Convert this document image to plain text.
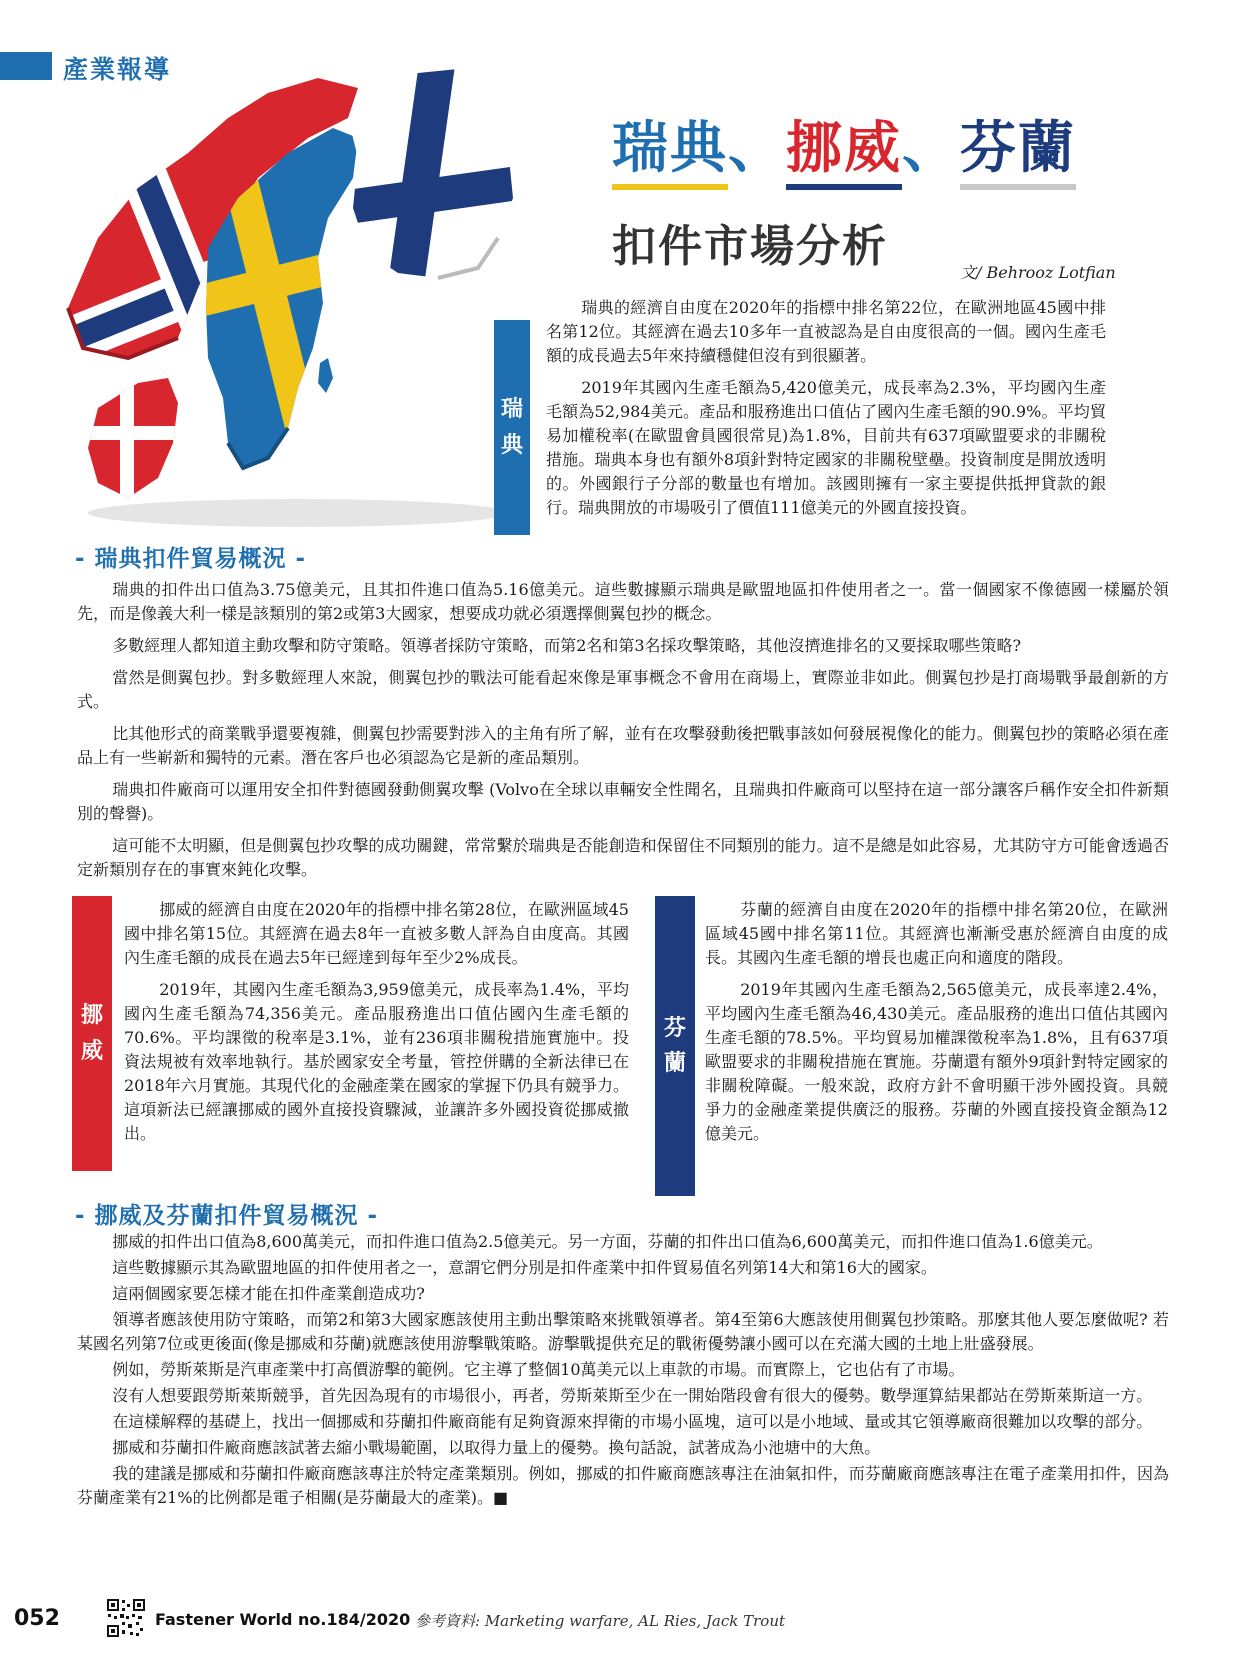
產業報導
瑞典、挪威、芬蘭
扣件市場分析
文/ Behrooz Lotfian
瑞
典

瑞典的經濟自由度在2020年的指標中排名第22位，在歐洲地區45國中排名第12位。其經濟在過去10多年一直被認為是自由度很高的一個。國內生產毛額的成長過去5年來持續穩健但沒有到很顯著。

2019年其國內生產毛額為5,420億美元，成長率為2.3%，平均國內生產毛額為52,984美元。產品和服務進出口值佔了國內生產毛額的90.9%。平均貿易加權稅率(在歐盟會員國很常見)為1.8%，目前共有637項歐盟要求的非關稅措施。瑞典本身也有額外8項針對特定國家的非關稅壁壘。投資制度是開放透明的。外國銀行子分部的數量也有增加。該國則擁有一家主要提供抵押貸款的銀行。瑞典開放的市場吸引了價值111億美元的外國直接投資。

- 瑞典扣件貿易概況 -

瑞典的扣件出口值為3.75億美元，且其扣件進口值為5.16億美元。這些數據顯示瑞典是歐盟地區扣件使用者之一。當一個國家不像德國一樣屬於領先，而是像義大利一樣是該類別的第2或第3大國家，想要成功就必須選擇側翼包抄的概念。

多數經理人都知道主動攻擊和防守策略。領導者採防守策略，而第2名和第3名採攻擊策略，其他沒擠進排名的又要採取哪些策略?

當然是側翼包抄。對多數經理人來說，側翼包抄的戰法可能看起來像是軍事概念不會用在商場上，實際並非如此。側翼包抄是打商場戰爭最創新的方式。

比其他形式的商業戰爭還要複雜，側翼包抄需要對涉入的主角有所了解，並有在攻擊發動後把戰事該如何發展視像化的能力。側翼包抄的策略必須在產品上有一些嶄新和獨特的元素。潛在客戶也必須認為它是新的產品類別。

瑞典扣件廠商可以運用安全扣件對德國發動側翼攻擊 (Volvo在全球以車輛安全性聞名，且瑞典扣件廠商可以堅持在這一部分讓客戶稱作安全扣件新類別的聲譽)。

這可能不太明顯，但是側翼包抄攻擊的成功關鍵，常常繫於瑞典是否能創造和保留住不同類別的能力。這不是總是如此容易，尤其防守方可能會透過否定新類別存在的事實來鈍化攻擊。

挪
威

挪威的經濟自由度在2020年的指標中排名第28位，在歐洲區域45國中排名第15位。其經濟在過去8年一直被多數人評為自由度高。其國內生產毛額的成長在過去5年已經達到每年至少2%成長。

2019年，其國內生產毛額為3,959億美元，成長率為1.4%，平均國內生產毛額為74,356美元。產品服務進出口值佔國內生產毛額的70.6%。平均課徵的稅率是3.1%，並有236項非關稅措施實施中。投資法規被有效率地執行。基於國家安全考量，管控併購的全新法律已在2018年六月實施。其現代化的金融產業在國家的掌握下仍具有競爭力。這項新法已經讓挪威的國外直接投資驟減，並讓許多外國投資從挪威撤出。

芬
蘭

芬蘭的經濟自由度在2020年的指標中排名第20位，在歐洲區域45國中排名第11位。其經濟也漸漸受惠於經濟自由度的成長。其國內生產毛額的增長也處正向和適度的階段。

2019年其國內生產毛額為2,565億美元，成長率達2.4%，平均國內生產毛額為46,430美元。產品服務的進出口值佔其國內生產毛額的78.5%。平均貿易加權課徵稅率為1.8%，且有637項歐盟要求的非關稅措施在實施。芬蘭還有額外9項針對特定國家的非關稅障礙。一般來說，政府方針不會明顯干涉外國投資。具競爭力的金融產業提供廣泛的服務。芬蘭的外國直接投資金額為12億美元。

- 挪威及芬蘭扣件貿易概況 -

挪威的扣件出口值為8,600萬美元，而扣件進口值為2.5億美元。另一方面，芬蘭的扣件出口值為6,600萬美元，而扣件進口值為1.6億美元。

這些數據顯示其為歐盟地區的扣件使用者之一，意謂它們分別是扣件產業中扣件貿易值名列第14大和第16大的國家。

這兩個國家要怎樣才能在扣件產業創造成功?

領導者應該使用防守策略，而第2和第3大國家應該使用主動出擊策略來挑戰領導者。第4至第6大應該使用側翼包抄策略。那麼其他人要怎麼做呢? 若某國名列第7位或更後面(像是挪威和芬蘭)就應該使用游擊戰策略。游擊戰提供充足的戰術優勢讓小國可以在充滿大國的土地上壯盛發展。

例如，勞斯萊斯是汽車產業中打高價游擊的範例。它主導了整個10萬美元以上車款的市場。而實際上，它也佔有了市場。

沒有人想要跟勞斯萊斯競爭，首先因為現有的市場很小，再者，勞斯萊斯至少在一開始階段會有很大的優勢。數學運算結果都站在勞斯萊斯這一方。

在這樣解釋的基礎上，找出一個挪威和芬蘭扣件廠商能有足夠資源來捍衛的市場小區塊，這可以是小地域、量或其它領導廠商很難加以攻擊的部分。

挪威和芬蘭扣件廠商應該試著去縮小戰場範圍，以取得力量上的優勢。換句話說，試著成為小池塘中的大魚。

我的建議是挪威和芬蘭扣件廠商應該專注於特定產業類別。例如，挪威的扣件廠商應該專注在油氣扣件，而芬蘭廠商應該專注在電子產業用扣件，因為芬蘭產業有21%的比例都是電子相關(是芬蘭最大的產業)。■

052	Fastener World no.184/2020 參考資料: Marketing warfare, AL Ries, Jack Trout
